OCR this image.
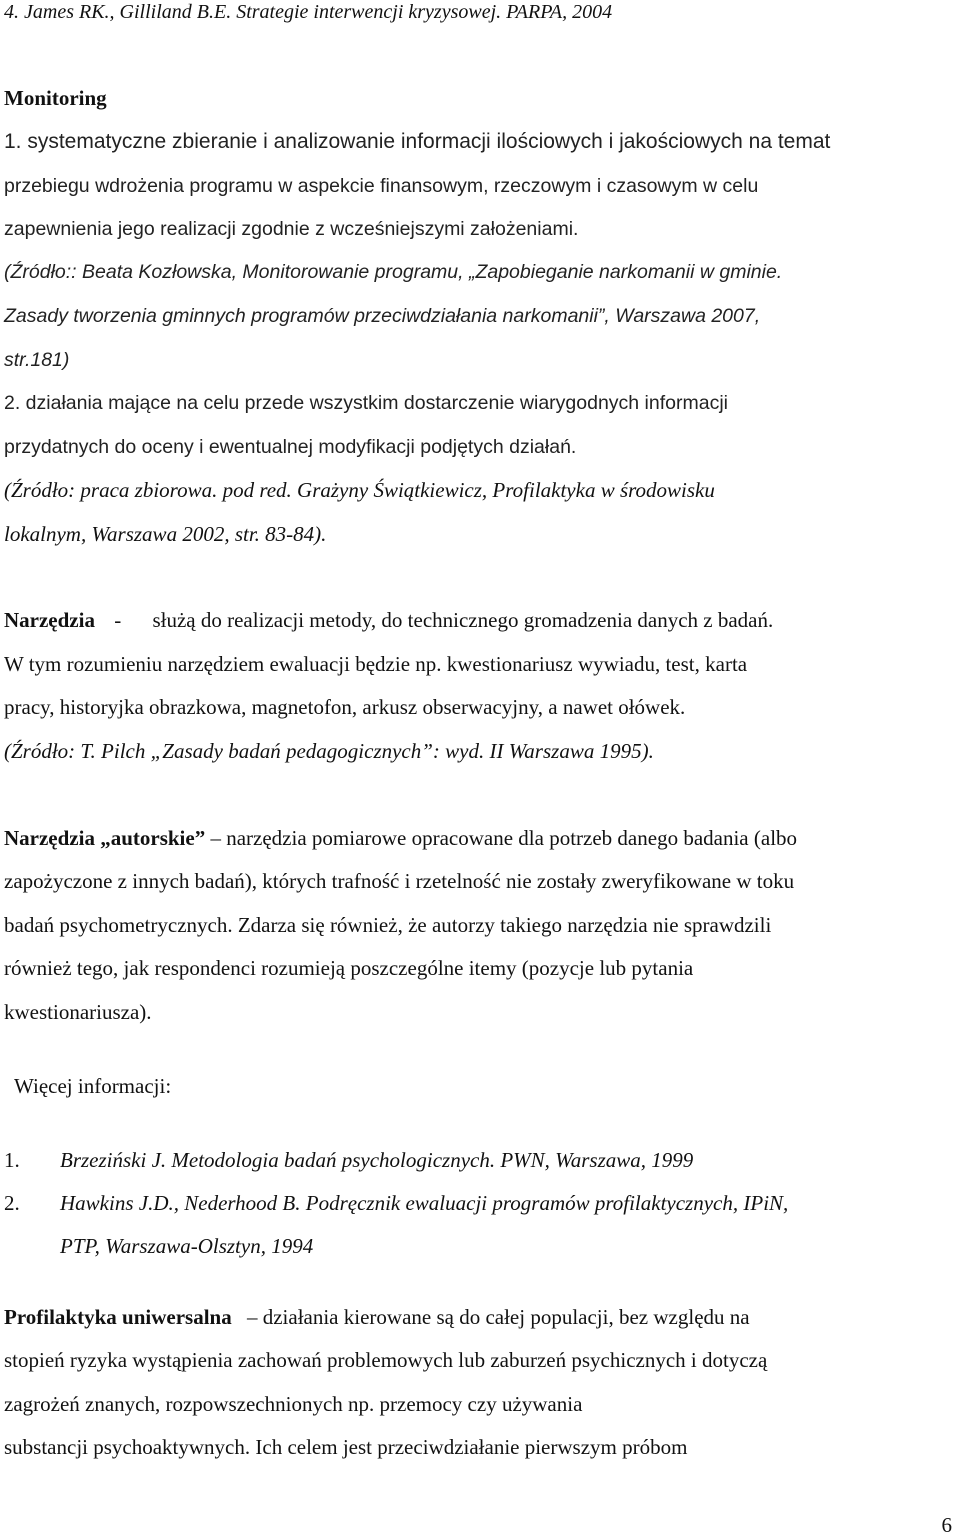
4. James RK., Gilliland B.E. Strategie interwencji kryzysowej. PARPA, 2004
Monitoring
1. systematyczne zbieranie i analizowanie informacji ilościowych i jakościowych na temat
przebiegu wdrożenia programu w aspekcie finansowym, rzeczowym i czasowym w celu
zapewnienia jego realizacji zgodnie z wcześniejszymi założeniami.
(Źródło:: Beata Kozłowska, Monitorowanie programu, „Zapobieganie narkomanii w gminie.
Zasady tworzenia gminnych programów przeciwdziałania narkomanii”, Warszawa 2007,
str.181)
2. działania mające na celu przede wszystkim dostarczenie wiarygodnych informacji
przydatnych do oceny i ewentualnej modyfikacji podjętych działań.
(Źródło: praca zbiorowa. pod red. Grażyny Świątkiewicz, Profilaktyka w środowisku
lokalnym, Warszawa 2002, str. 83-84).
Narzędzia - służą do realizacji metody, do technicznego gromadzenia danych z badań.
W tym rozumieniu narzędziem ewaluacji będzie np. kwestionariusz wywiadu, test, karta
pracy, historyjka obrazkowa, magnetofon, arkusz obserwacyjny, a nawet ołówek.
(Źródło: T. Pilch „Zasady badań pedagogicznych”: wyd. II Warszawa 1995).
Narzędzia „autorskie” – narzędzia pomiarowe opracowane dla potrzeb danego badania (albo
zapożyczone z innych badań), których trafność i rzetelność nie zostały zweryfikowane w toku
badań psychometrycznych. Zdarza się również, że autorzy takiego narzędzia nie sprawdzili
również tego, jak respondenci rozumieją poszczególne itemy (pozycje lub pytania
kwestionariusza).
Więcej informacji:
1. Brzeziński J. Metodologia badań psychologicznych. PWN, Warszawa, 1999
2. Hawkins J.D., Nederhood B. Podręcznik ewaluacji programów profilaktycznych, IPiN,
PTP, Warszawa-Olsztyn, 1994
Profilaktyka uniwersalna – działania kierowane są do całej populacji, bez względu na
stopień ryzyka wystąpienia zachowań problemowych lub zaburzeń psychicznych i dotyczą
zagrożeń znanych, rozpowszechnionych np. przemocy czy używania
substancji psychoaktywnych. Ich celem jest przeciwdziałanie pierwszym próbom
6
